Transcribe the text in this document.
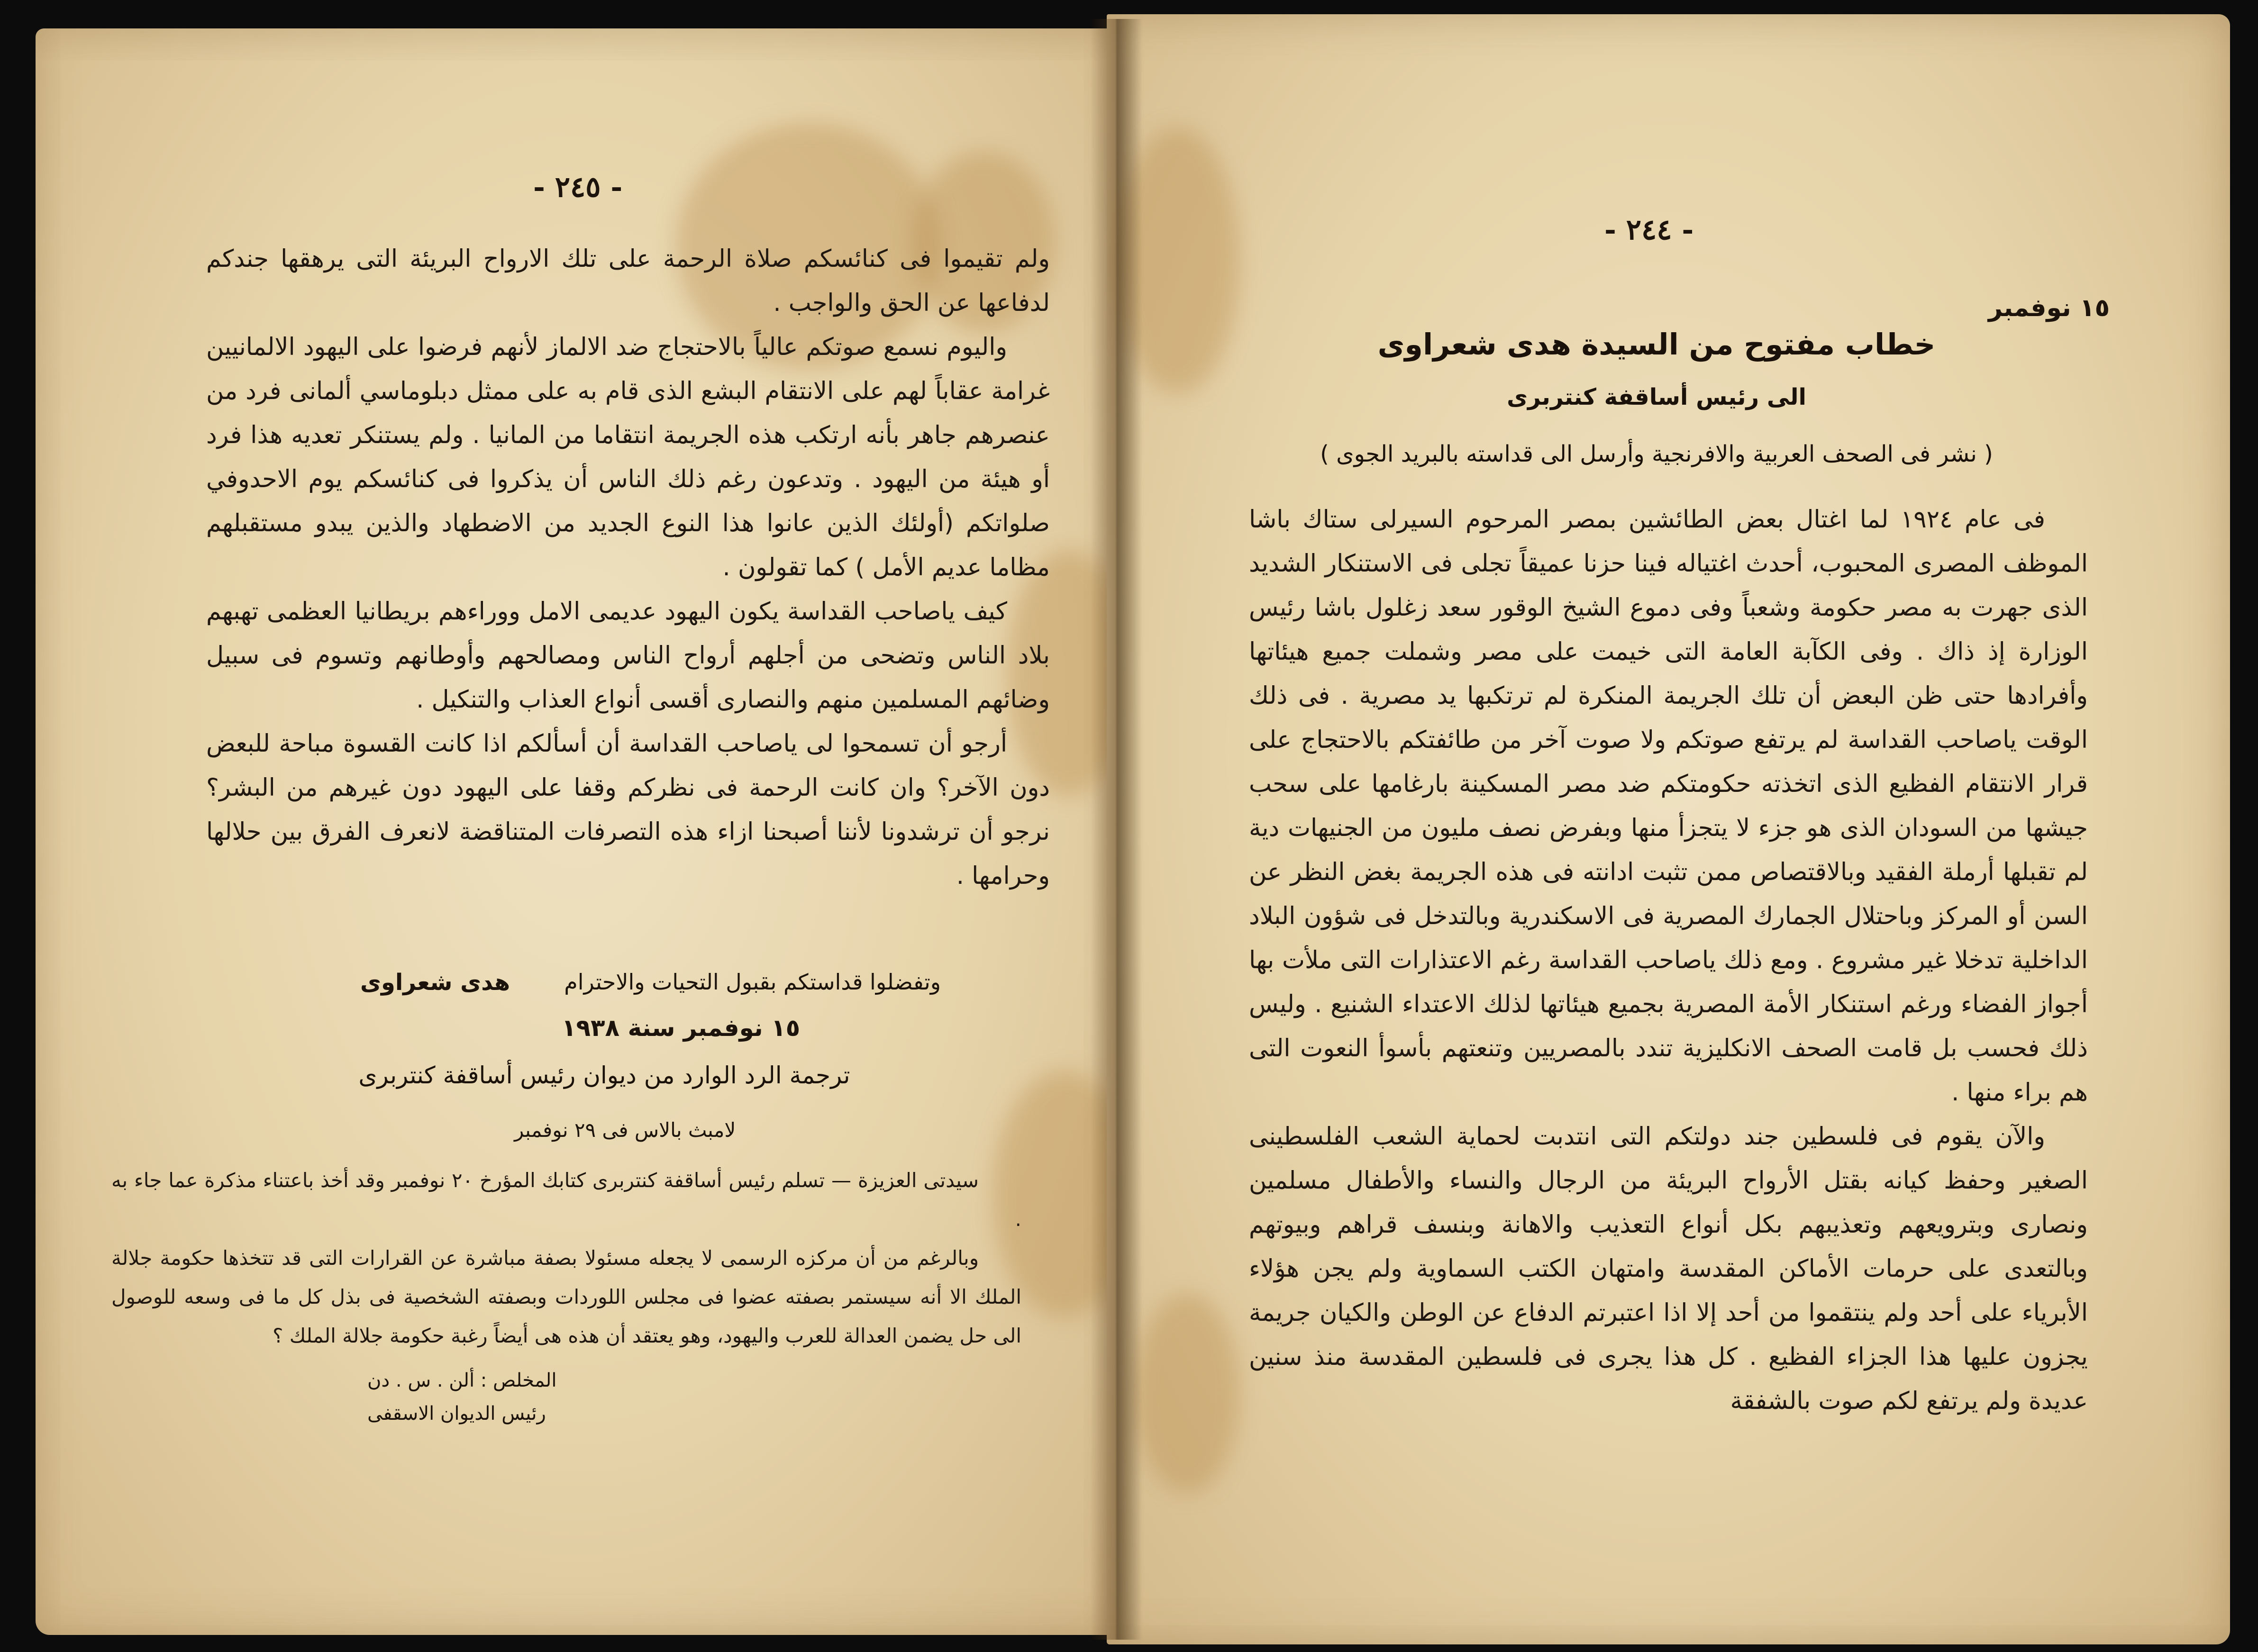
- ٢٤٥ -

ولم تقيموا فى كنائسكم صلاة الرحمة على تلك الارواح البريئة التى يرهقها جندكم لدفاعها عن الحق والواجب .

واليوم نسمع صوتكم عالياً بالاحتجاج ضد الالماز لأنهم فرضوا على اليهود الالمانيين غرامة عقاباً لهم على الانتقام البشع الذى قام به على ممثل دبلوماسي ألمانى فرد من عنصرهم جاهر بأنه ارتكب هذه الجريمة انتقاما من المانيا . ولم يستنكر تعديه هذا فرد أو هيئة من اليهود . وتدعون رغم ذلك الناس أن يذكروا فى كنائسكم يوم الاحدوفي صلواتكم (أولئك الذين عانوا هذا النوع الجديد من الاضطهاد والذين يبدو مستقبلهم مظاما عديم الأمل ) كما تقولون .

كيف ياصاحب القداسة يكون اليهود عديمى الامل ووراءهم بريطانيا العظمى تهبهم بلاد الناس وتضحى من أجلهم أرواح الناس ومصالحهم وأوطانهم وتسوم فى سبيل وضائهم المسلمين منهم والنصارى أقسى أنواع العذاب والتنكيل .

أرجو أن تسمحوا لى ياصاحب القداسة أن أسألكم اذا كانت القسوة مباحة للبعض دون الآخر؟ وان كانت الرحمة فى نظركم وقفا على اليهود دون غيرهم من البشر؟ نرجو أن ترشدونا لأننا أصبحنا ازاء هذه التصرفات المتناقضة لانعرف الفرق بين حلالها وحرامها .

وتفضلوا قداستكم بقبول التحيات والاحترام
هدى شعراوى
١٥ نوفمبر سنة ١٩٣٨
ترجمة الرد الوارد من ديوان رئيس أساقفة كنتربرى
لامبث بالاس فى ٢٩ نوفمبر

سيدتى العزيزة — تسلم رئيس أساقفة كنتربرى كتابك المؤرخ ٢٠ نوفمبر وقد أخذ باعتناء مذكرة عما جاء به .

وبالرغم من أن مركزه الرسمى لا يجعله مسئولا بصفة مباشرة عن القرارات التى قد تتخذها حكومة جلالة الملك الا أنه سيستمر بصفته عضوا فى مجلس اللوردات وبصفته الشخصية فى بذل كل ما فى وسعه للوصول الى حل يضمن العدالة للعرب واليهود، وهو يعتقد أن هذه هى أيضاً رغبة حكومة جلالة الملك ؟

المخلص : ألن . س . دن
رئيس الديوان الاسقفى
- ٢٤٤ -
١٥ نوفمبر
خطاب مفتوح من السيدة هدى شعراوى
الى رئيس أساقفة كنتربرى
( نشر فى الصحف العربية والافرنجية وأرسل الى قداسته بالبريد الجوى )

فى عام ١٩٢٤ لما اغتال بعض الطائشين بمصر المرحوم السيرلى ستاك باشا الموظف المصرى المحبوب، أحدث اغتياله فينا حزنا عميقاً تجلى فى الاستنكار الشديد الذى جهرت به مصر حكومة وشعباً وفى دموع الشيخ الوقور سعد زغلول باشا رئيس الوزارة إذ ذاك . وفى الكآبة العامة التى خيمت على مصر وشملت جميع هيئاتها وأفرادها حتى ظن البعض أن تلك الجريمة المنكرة لم ترتكبها يد مصرية . فى ذلك الوقت ياصاحب القداسة لم يرتفع صوتكم ولا صوت آخر من طائفتكم بالاحتجاج على قرار الانتقام الفظيع الذى اتخذته حكومتكم ضد مصر المسكينة بارغامها على سحب جيشها من السودان الذى هو جزء لا يتجزأ منها وبفرض نصف مليون من الجنيهات دية لم تقبلها أرملة الفقيد وبالاقتصاص ممن تثبت ادانته فى هذه الجريمة بغض النظر عن السن أو المركز وباحتلال الجمارك المصرية فى الاسكندرية وبالتدخل فى شؤون البلاد الداخلية تدخلا غير مشروع . ومع ذلك ياصاحب القداسة رغم الاعتذارات التى ملأت بها أجواز الفضاء ورغم استنكار الأمة المصرية بجميع هيئاتها لذلك الاعتداء الشنيع . وليس ذلك فحسب بل قامت الصحف الانكليزية تندد بالمصريين وتنعتهم بأسوأ النعوت التى هم براء منها .

والآن يقوم فى فلسطين جند دولتكم التى انتدبت لحماية الشعب الفلسطينى الصغير وحفظ كيانه بقتل الأرواح البريئة من الرجال والنساء والأطفال مسلمين ونصارى وبترويعهم وتعذيبهم بكل أنواع التعذيب والاهانة وبنسف قراهم وبيوتهم وبالتعدى على حرمات الأماكن المقدسة وامتهان الكتب السماوية ولم يجن هؤلاء الأبرياء على أحد ولم ينتقموا من أحد إلا اذا اعتبرتم الدفاع عن الوطن والكيان جريمة يجزون عليها هذا الجزاء الفظيع . كل هذا يجرى فى فلسطين المقدسة منذ سنين عديدة ولم يرتفع لكم صوت بالشفقة
